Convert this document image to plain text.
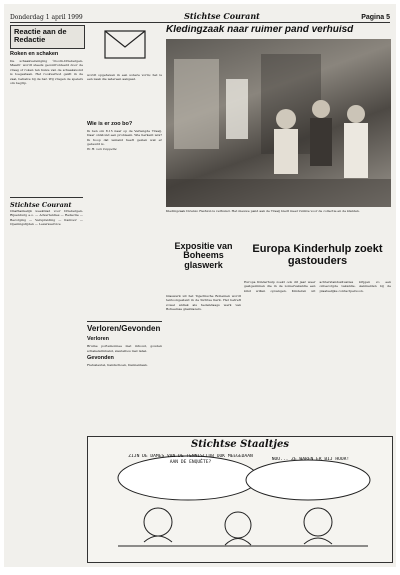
Donderdag 1 april 1999	Stichtse Courant	Pagina 5
Reactie aan de Redactie
Roken en schaken
De schaakvereniging ‘Doorn-Driebergen-Maarn’ wordt steeds geconfronteerd door de vraag of roken ten huize van de schaakavond is toegestaan. Het rookverbod geldt in de zaal, behalve bij de bar. Wij vragen de spelers om begrip.
Stichtse Courant
Onafhankelijk weekblad voor Driebergen-Rijsenburg e.o. — Advertenties — Redactie — Bezorging — Verspreiding — Kantoor — Openingstijden — Lezersservice
wordt opgeheven in een sobere vorm; het is een zaak die iedereen aangaat.
Wie is er zoo bo?
Ik ben om 8.15 naar op de Verlengde Traaij. Daar ontstond een probleem. Wie herkent iets? Ik hoop dat iemand heeft gezien wat er gebeurd is.
W. H. van Cappelle
Verloren/Gevonden
Verloren
Bruine portemonnee met inhoud, gouden schakelarmband, sleutelbos met label.
Gevonden
Fietssleutel, handschoen, Dennenlaan.
Kledingzaak naar ruimer pand verhuisd
Kledingzaak Inrenzo Fashion is verhuisd. Het nieuwe pand aan de Traaij biedt meer ruimte voor de collectie en de klanten.
Expositie van Boheems glaswerk
Glaswerk uit het Tsjechische Bohemen wordt tentoongesteld in de Sichtse Kerk. Het betreft zowel antiek als hedendaags werk van Boheemse glasblazers.
Europa Kinderhulp zoekt gastouders
Europa Kinderhulp zoekt ook dit jaar weer gastgezinnen die in de zomervakantie een kind willen opvangen. Kinderen uit achterstandssituaties krijgen zo een onbezorgde vakantie. Aanmelden bij de plaatselijke contactpersoon.
Stichtse Staaltjes
ZIJN DE DAMES VAN DE TENNISCLUB OOK MEEGEDAAN AAN DE ENQUÊTE?
NOU... ZE WAREN ER BIJ HOOR!
